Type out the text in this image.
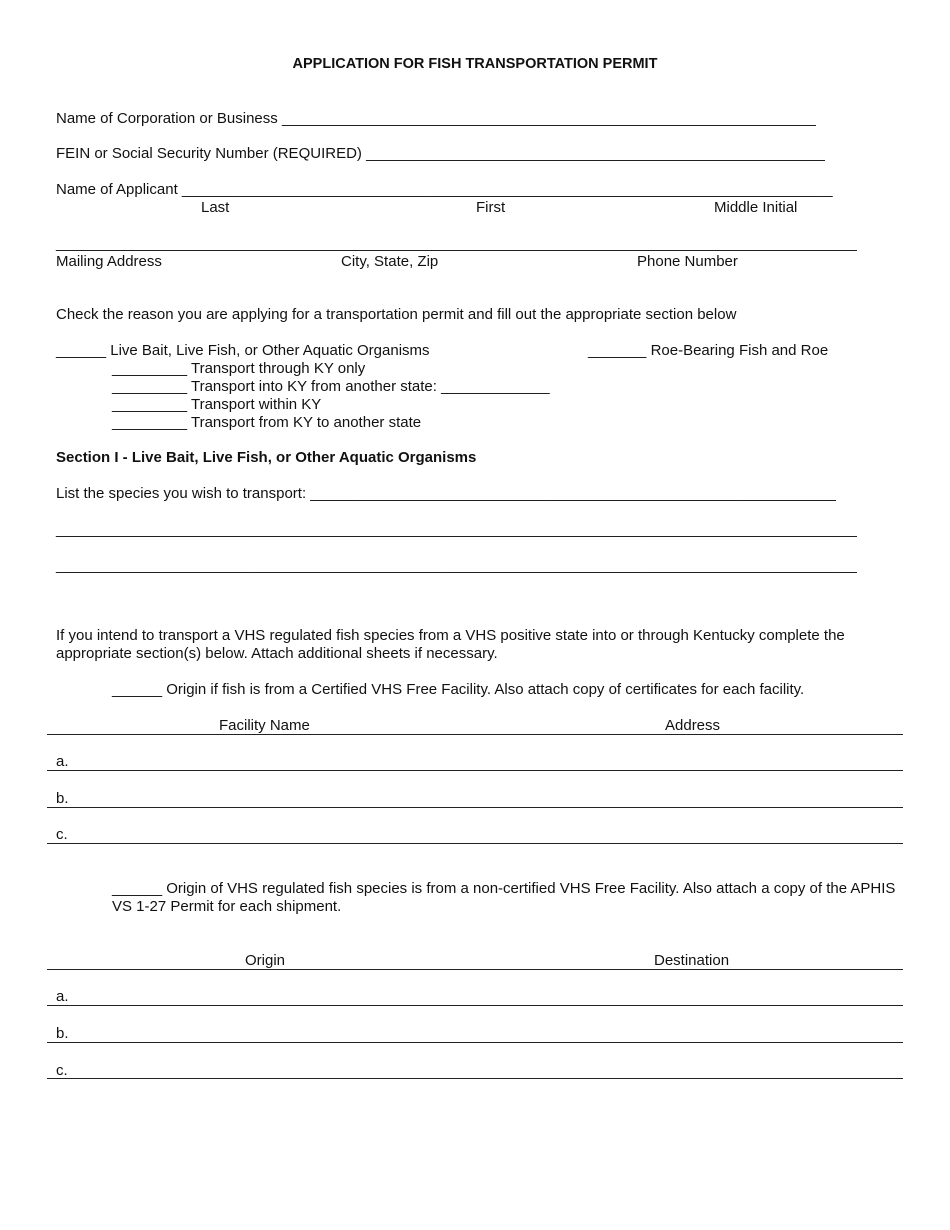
APPLICATION FOR FISH TRANSPORTATION PERMIT
Name of Corporation or Business ________________________________________________________________
FEIN or Social Security Number (REQUIRED) _______________________________________________________
Name of Applicant ______________________________________________________________________________
Last	First	Middle Initial
________________________________________________________________________________________________
Mailing Address	City, State, Zip	Phone Number
Check the reason you are applying for a transportation permit and fill out the appropriate section below
______ Live Bait, Live Fish, or Other Aquatic Organisms	_______ Roe-Bearing Fish and Roe
_________ Transport through KY only
_________ Transport into KY from another state: _____________
_________ Transport within KY
_________ Transport from KY to another state
Section I - Live Bait, Live Fish, or Other Aquatic Organisms
List the species you wish to transport: _______________________________________________________________
________________________________________________________________________________________________
________________________________________________________________________________________________
If you intend to transport a VHS regulated fish species from a VHS positive state into or through Kentucky complete the appropriate section(s) below. Attach additional sheets if necessary.
______ Origin if fish is from a Certified VHS Free Facility. Also attach copy of certificates for each facility.
Facility Name	Address
a.
b.
c.
______ Origin of VHS regulated fish species is from a non-certified VHS Free Facility. Also attach a copy of the APHIS VS 1-27 Permit for each shipment.
Origin	Destination
a.
b.
c.
